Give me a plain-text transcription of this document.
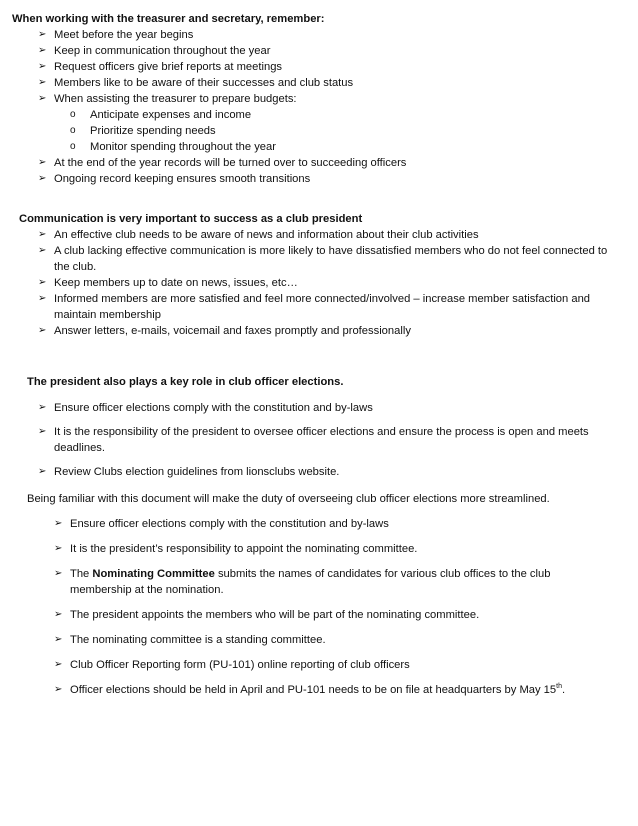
When working with the treasurer and secretary, remember:
➢ Meet before the year begins
➢ Keep in communication throughout the year
➢ Request officers give brief reports at meetings
➢ Members like to be aware of their successes and club status
➢ When assisting the treasurer to prepare budgets:
o Anticipate expenses and income
o Prioritize spending needs
o Monitor spending throughout the year
➢ At the end of the year records will be turned over to succeeding officers
➢ Ongoing record keeping ensures smooth transitions
Communication is very important to success as a club president
➢ An effective club needs to be aware of news and information about their club activities
➢ A club lacking effective communication is more likely to have dissatisfied members who do not feel connected to
the club.
➢ Keep members up to date on news, issues, etc…
➢ Informed members are more satisfied and feel more connected/involved – increase member satisfaction and
maintain membership
➢ Answer letters, e-mails, voicemail and faxes promptly and professionally
The president also plays a key role in club officer elections.
➢ Ensure officer elections comply with the constitution and by-laws
➢ It is the responsibility of the president to oversee officer elections and ensure the process is open and meets
deadlines.
➢ Review Clubs election guidelines from lionsclubs website.
Being familiar with this document will make the duty of overseeing club officer elections more streamlined.
➢ Ensure officer elections comply with the constitution and by-laws
➢ It is the president’s responsibility to appoint the nominating committee.
➢ The Nominating Committee submits the names of candidates for various club offices to the club
membership at the nomination.
➢ The president appoints the members who will be part of the nominating committee.
➢ The nominating committee is a standing committee.
➢ Club Officer Reporting form (PU-101) online reporting of club officers
➢ Officer elections should be held in April and PU-101 needs to be on file at headquarters by May 15th.
